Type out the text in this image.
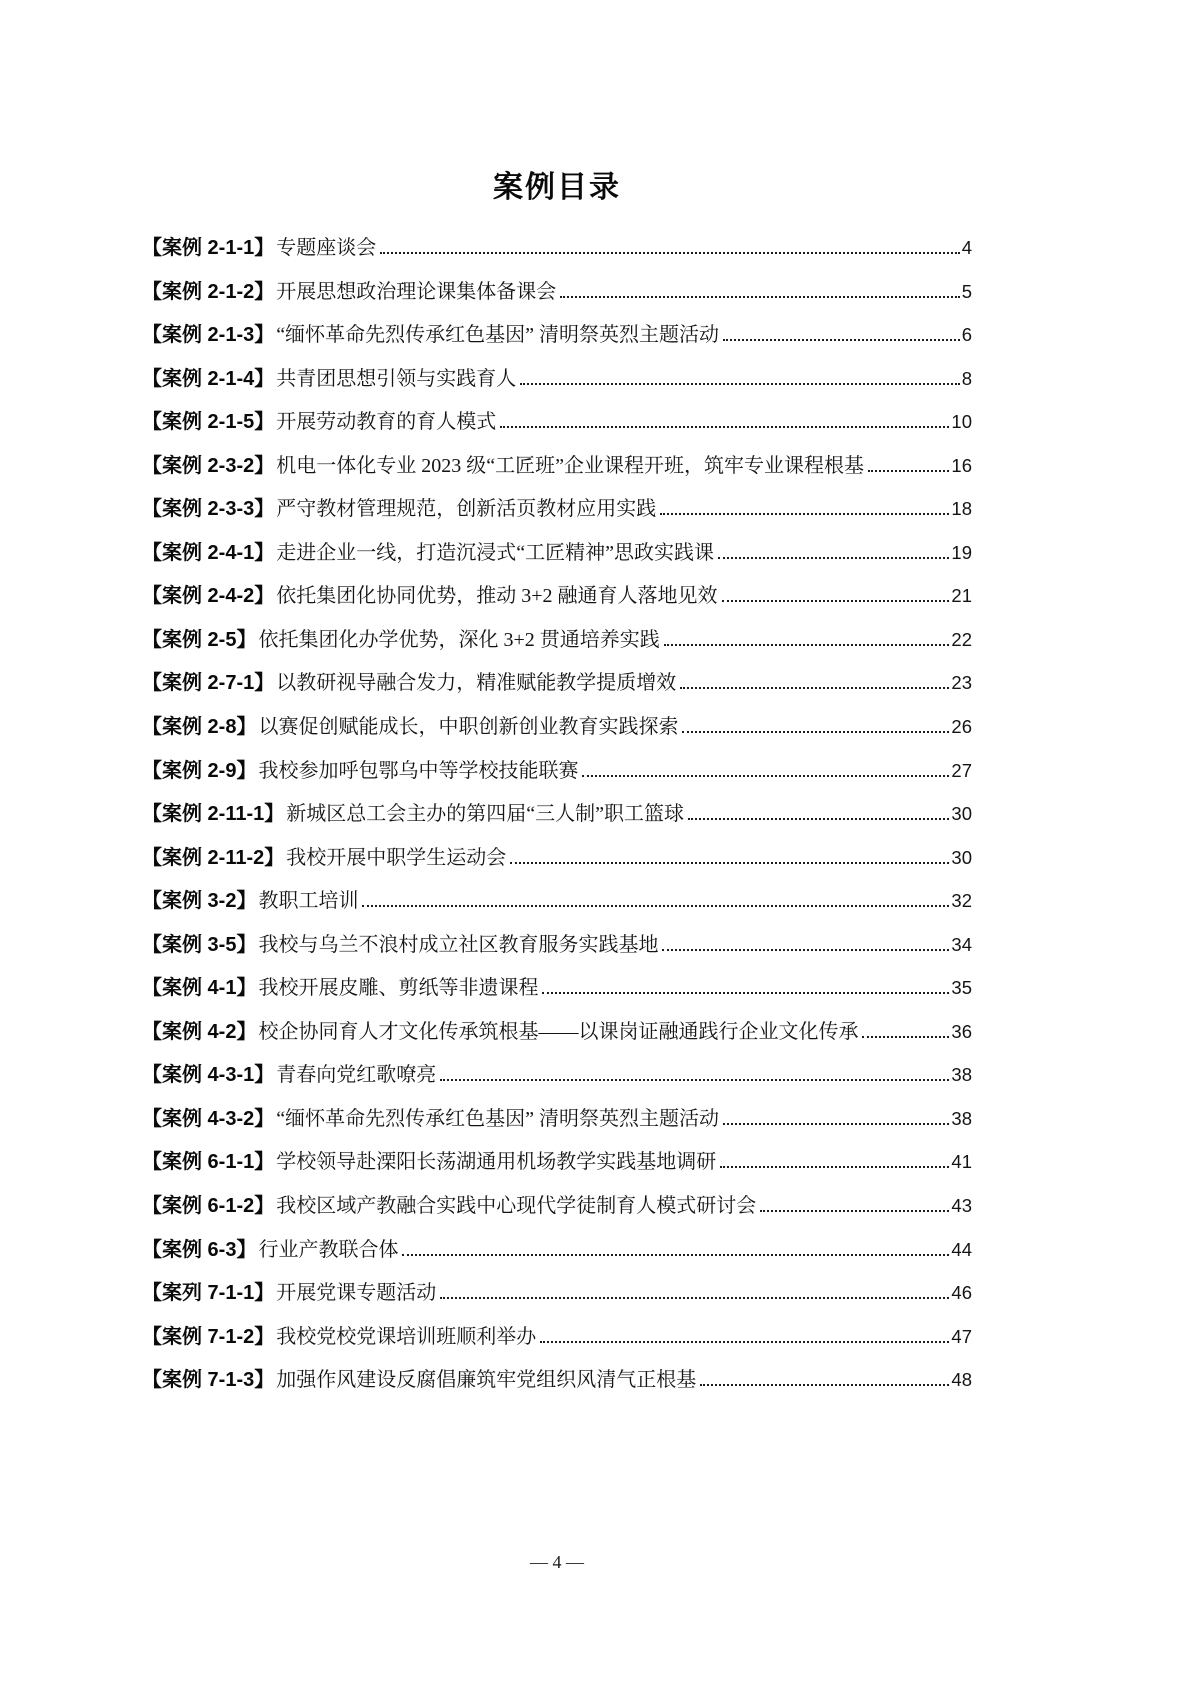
案例目录
【案例 2-1-1】 专题座谈会	4
【案例 2-1-2】 开展思想政治理论课集体备课会	5
【案例 2-1-3】 “缅怀革命先烈传承红色基因” 清明祭英烈主题活动	6
【案例 2-1-4】 共青团思想引领与实践育人	8
【案例 2-1-5】 开展劳动教育的育人模式	10
【案例 2-3-2】 机电一体化专业 2023 级“工匠班”企业课程开班，筑牢专业课程根基	16
【案例 2-3-3】 严守教材管理规范，创新活页教材应用实践	18
【案例 2-4-1】 走进企业一线，打造沉浸式“工匠精神”思政实践课	19
【案例 2-4-2】 依托集团化协同优势，推动 3+2 融通育人落地见效	21
【案例 2-5】 依托集团化办学优势，深化 3+2 贯通培养实践	22
【案例 2-7-1】 以教研视导融合发力，精准赋能教学提质增效	23
【案例 2-8】 以赛促创赋能成长，中职创新创业教育实践探索	26
【案例 2-9】 我校参加呼包鄂乌中等学校技能联赛	27
【案例 2-11-1】 新城区总工会主办的第四届“三人制”职工篮球	30
【案例 2-11-2】 我校开展中职学生运动会	30
【案例 3-2】 教职工培训	32
【案例 3-5】 我校与乌兰不浪村成立社区教育服务实践基地	34
【案例 4-1】 我校开展皮雕、剪纸等非遗课程	35
【案例 4-2】 校企协同育人才文化传承筑根基——以课岗证融通践行企业文化传承	36
【案例 4-3-1】 青春向党红歌嘹亮	38
【案例 4-3-2】 “缅怀革命先烈传承红色基因” 清明祭英烈主题活动	38
【案例 6-1-1】 学校领导赴溧阳长荡湖通用机场教学实践基地调研	41
【案例 6-1-2】 我校区域产教融合实践中心现代学徒制育人模式研讨会	43
【案例 6-3】 行业产教联合体	44
【案列 7-1-1】 开展党课专题活动	46
【案例 7-1-2】 我校党校党课培训班顺利举办	47
【案例 7-1-3】 加强作风建设反腐倡廉筑牢党组织风清气正根基	48
— 4 —
